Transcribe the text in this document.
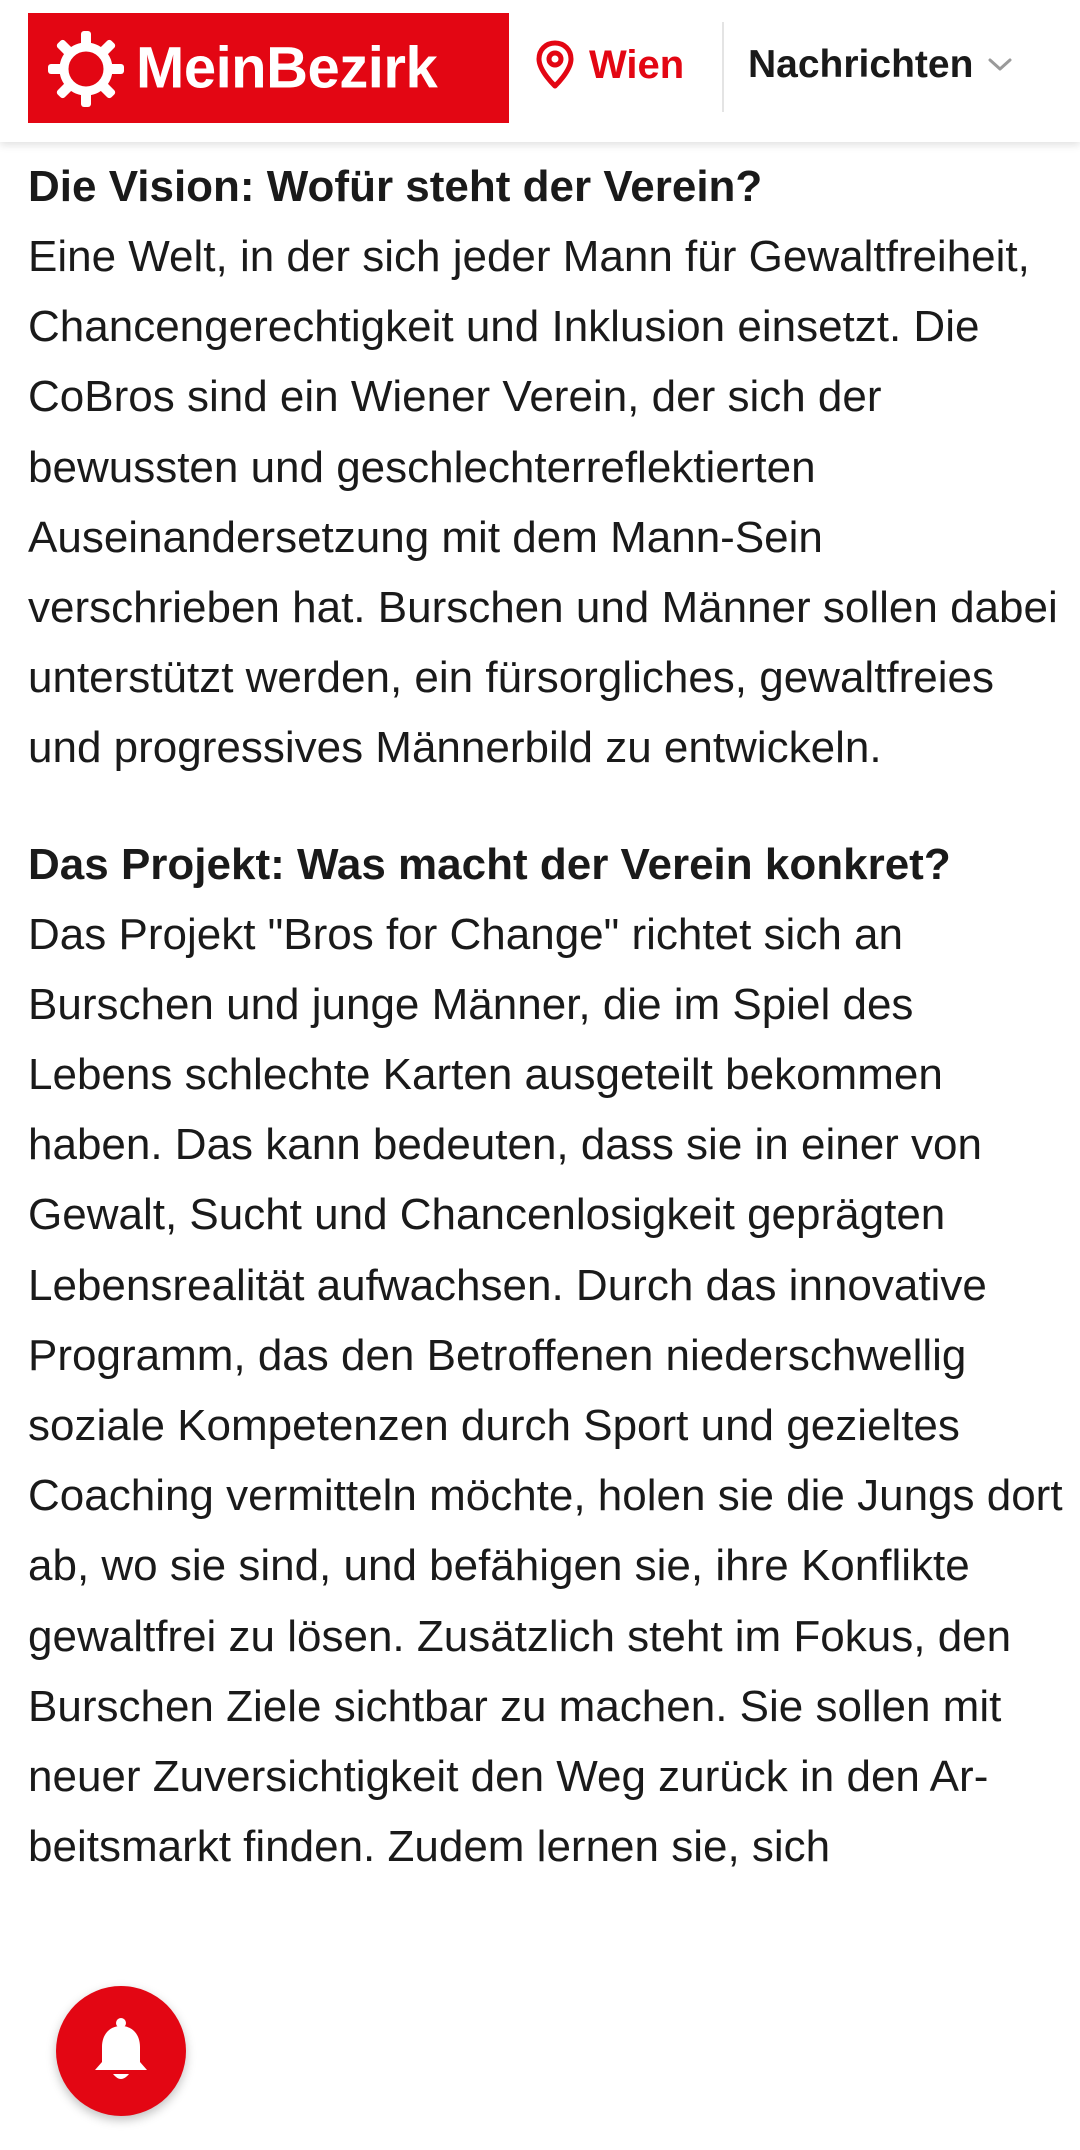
MeinBezirk	Wien Nachrichten
Die Vision: Wofür steht der Verein?

Eine Welt, in der sich jeder Mann für Gewaltfreiheit, Chancengerechtigkeit und Inklusion einsetzt. Die CoBros sind ein Wiener Verein, der sich der bewussten und geschlechterreflektierten Auseinandersetzung mit dem Mann-Sein verschrieben hat. Burschen und Männer sollen dabei unterstützt werden, ein fürsorgliches, gewaltfreies und progressives Männerbild zu entwickeln.

Das Projekt: Was macht der Verein konkret?

Das Projekt "Bros for Change" richtet sich an Burschen und junge Männer, die im Spiel des Lebens schlechte Karten ausgeteilt bekommen haben. Das kann bedeuten, dass sie in einer von Gewalt, Sucht und Chancenlosigkeit geprägten Lebensrealität aufwachsen. Durch das innovative Programm, das den Betroffenen niederschwellig soziale Kompetenzen durch Sport und gezieltes Coaching vermitteln möchte, holen sie die Jungs dort ab, wo sie sind, und befähigen sie, ihre Konflikte gewaltfrei zu lösen. Zusätzlich steht im Fokus, den Burschen Ziele sichtbar zu machen. Sie sollen mit neuer Zuversichtigkeit den Weg zurück in den Arbeitsmarkt finden. Zudem lernen sie, sich
